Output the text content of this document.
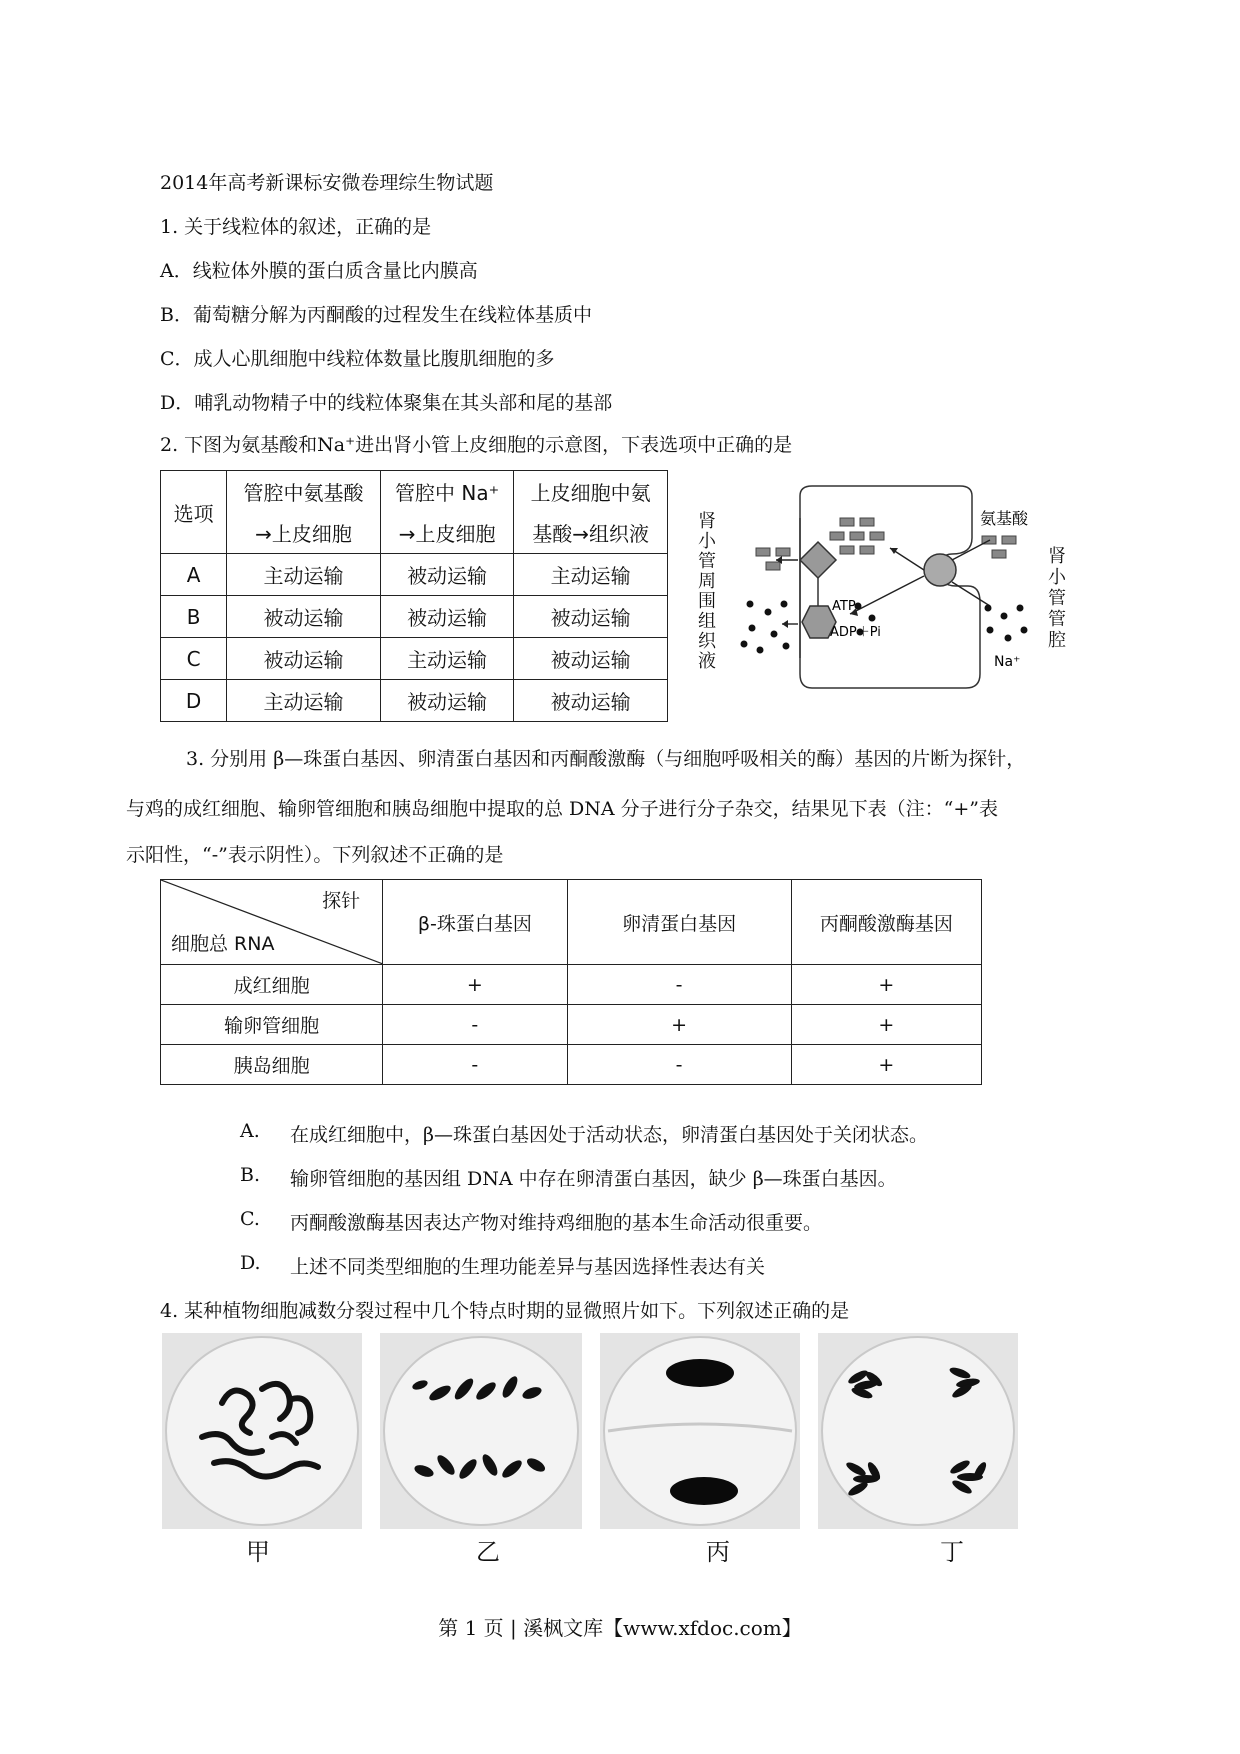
2014年高考新课标安微卷理综生物试题
1. 关于线粒体的叙述，正确的是
A．线粒体外膜的蛋白质含量比内膜高
B．葡萄糖分解为丙酮酸的过程发生在线粒体基质中
C．成人心肌细胞中线粒体数量比腹肌细胞的多
D．哺乳动物精子中的线粒体聚集在其头部和尾的基部
2. 下图为氨基酸和Na⁺进出肾小管上皮细胞的示意图，下表选项中正确的是
选项	管腔中氨基酸	管腔中 Na⁺	上皮细胞中氨
	→上皮细胞	→上皮细胞	基酸→组织液
A	主动运输	被动运输	主动运输
B	被动运输	被动运输	被动运输
C	被动运输	主动运输	被动运输
D	主动运输	被动运输	被动运输
氨基酸
ATP
ADP＋Pi
Na⁺
肾小管周围组织液
肾小管管腔
3. 分别用 β—珠蛋白基因、卵清蛋白基因和丙酮酸激酶（与细胞呼吸相关的酶）基因的片断为探针，
与鸡的成红细胞、输卵管细胞和胰岛细胞中提取的总 DNA 分子进行分子杂交，结果见下表（注：“+”表
示阳性，“-”表示阴性）。下列叙述不正确的是
探针
细胞总 RNA	β-珠蛋白基因	卵清蛋白基因	丙酮酸激酶基因
成红细胞	+	-	+
输卵管细胞	-	+	+
胰岛细胞	-	-	+
A. 在成红细胞中，β—珠蛋白基因处于活动状态，卵清蛋白基因处于关闭状态。
B. 输卵管细胞的基因组 DNA 中存在卵清蛋白基因，缺少 β—珠蛋白基因。
C. 丙酮酸激酶基因表达产物对维持鸡细胞的基本生命活动很重要。
D. 上述不同类型细胞的生理功能差异与基因选择性表达有关
4. 某种植物细胞减数分裂过程中几个特点时期的显微照片如下。下列叙述正确的是
甲	乙	丙	丁
第 1 页 | 溪枫文库【www.xfdoc.com】
